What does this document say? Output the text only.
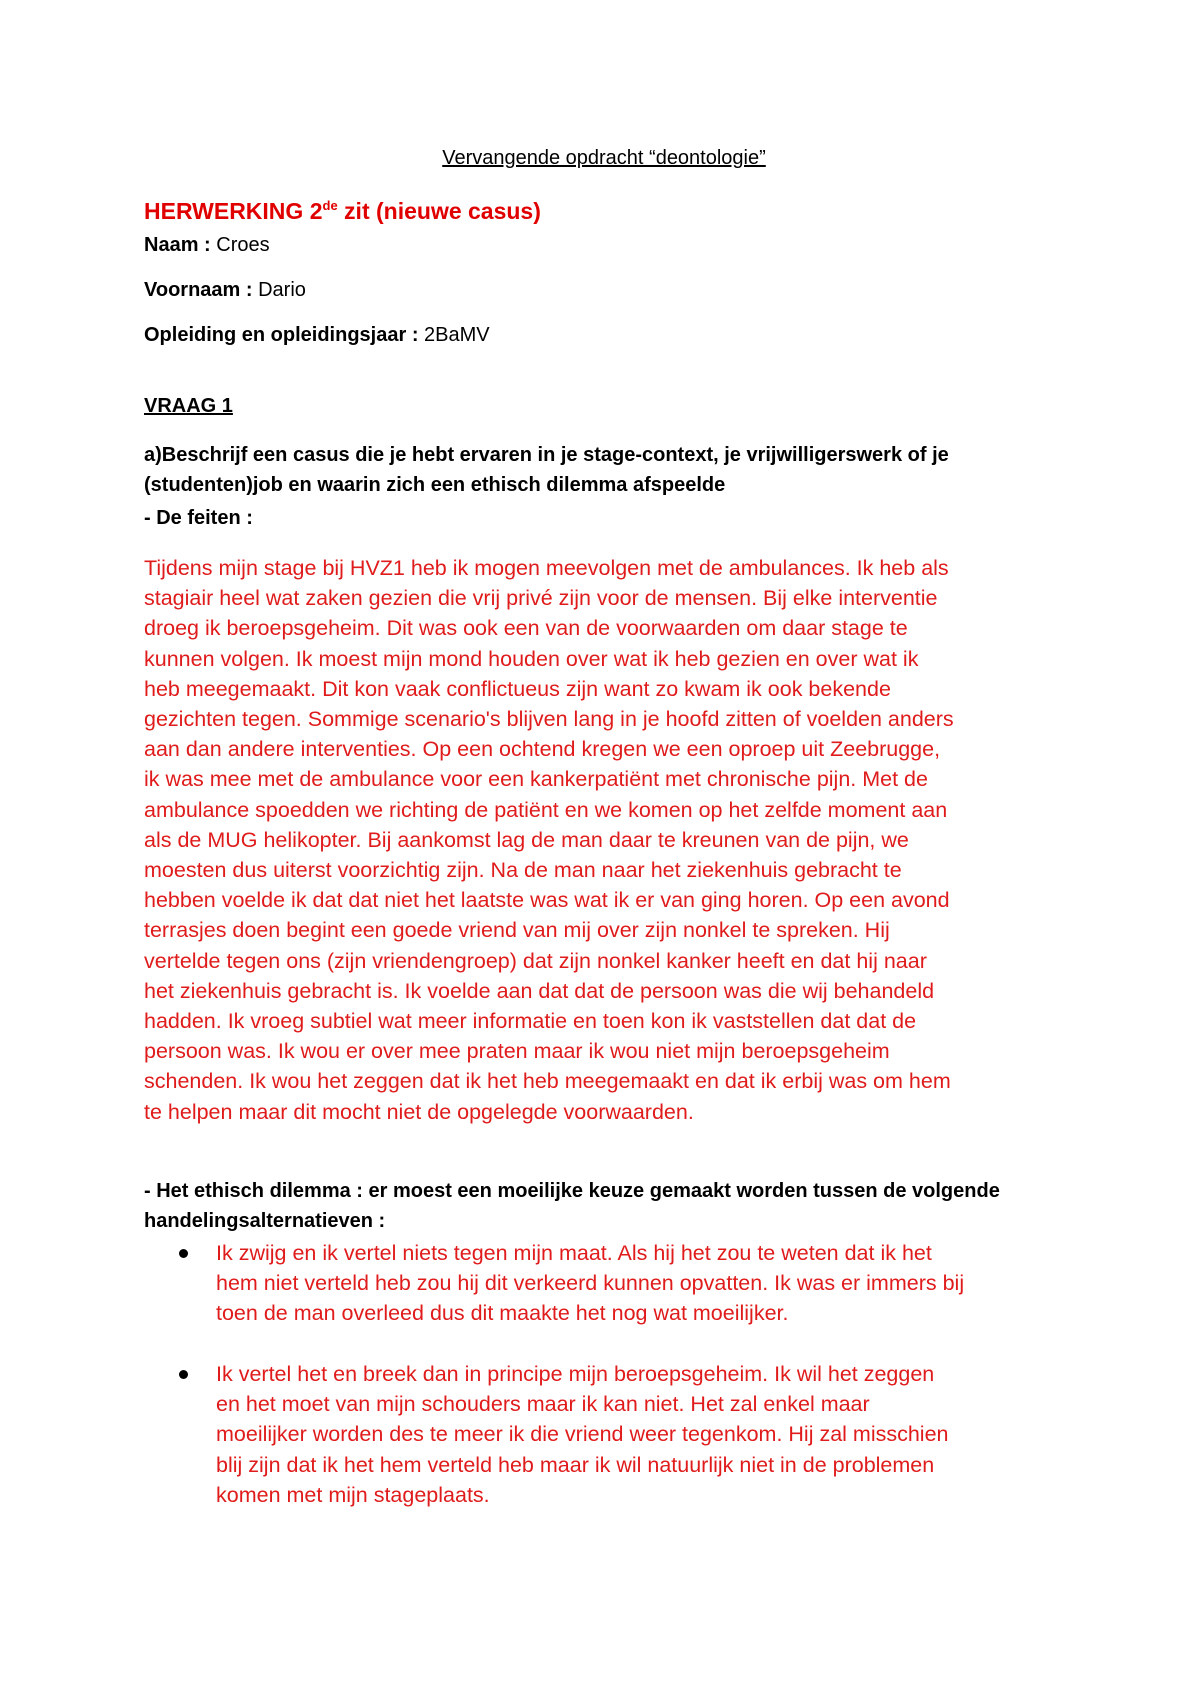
Vervangende opdracht “deontologie”
HERWERKING 2de zit (nieuwe casus)
Naam : Croes
Voornaam : Dario
Opleiding en opleidingsjaar : 2BaMV
VRAAG 1
a)Beschrijf een casus die je hebt ervaren in je stage-context, je vrijwilligerswerk of je
(studenten)job en waarin zich een ethisch dilemma afspeelde
- De feiten :
Tijdens mijn stage bij HVZ1 heb ik mogen meevolgen met de ambulances. Ik heb als
stagiair heel wat zaken gezien die vrij privé zijn voor de mensen. Bij elke interventie
droeg ik beroepsgeheim. Dit was ook een van de voorwaarden om daar stage te
kunnen volgen. Ik moest mijn mond houden over wat ik heb gezien en over wat ik
heb meegemaakt. Dit kon vaak conflictueus zijn want zo kwam ik ook bekende
gezichten tegen. Sommige scenario's blijven lang in je hoofd zitten of voelden anders
aan dan andere interventies. Op een ochtend kregen we een oproep uit Zeebrugge,
ik was mee met de ambulance voor een kankerpatiënt met chronische pijn. Met de
ambulance spoedden we richting de patiënt en we komen op het zelfde moment aan
als de MUG helikopter. Bij aankomst lag de man daar te kreunen van de pijn, we
moesten dus uiterst voorzichtig zijn. Na de man naar het ziekenhuis gebracht te
hebben voelde ik dat dat niet het laatste was wat ik er van ging horen. Op een avond
terrasjes doen begint een goede vriend van mij over zijn nonkel te spreken. Hij
vertelde tegen ons (zijn vriendengroep) dat zijn nonkel kanker heeft en dat hij naar
het ziekenhuis gebracht is. Ik voelde aan dat dat de persoon was die wij behandeld
hadden. Ik vroeg subtiel wat meer informatie en toen kon ik vaststellen dat dat de
persoon was. Ik wou er over mee praten maar ik wou niet mijn beroepsgeheim
schenden. Ik wou het zeggen dat ik het heb meegemaakt en dat ik erbij was om hem
te helpen maar dit mocht niet de opgelegde voorwaarden.
- Het ethisch dilemma : er moest een moeilijke keuze gemaakt worden tussen de volgende
handelingsalternatieven :
Ik zwijg en ik vertel niets tegen mijn maat. Als hij het zou te weten dat ik het
hem niet verteld heb zou hij dit verkeerd kunnen opvatten. Ik was er immers bij
toen de man overleed dus dit maakte het nog wat moeilijker.
Ik vertel het en breek dan in principe mijn beroepsgeheim. Ik wil het zeggen
en het moet van mijn schouders maar ik kan niet. Het zal enkel maar
moeilijker worden des te meer ik die vriend weer tegenkom. Hij zal misschien
blij zijn dat ik het hem verteld heb maar ik wil natuurlijk niet in de problemen
komen met mijn stageplaats.
